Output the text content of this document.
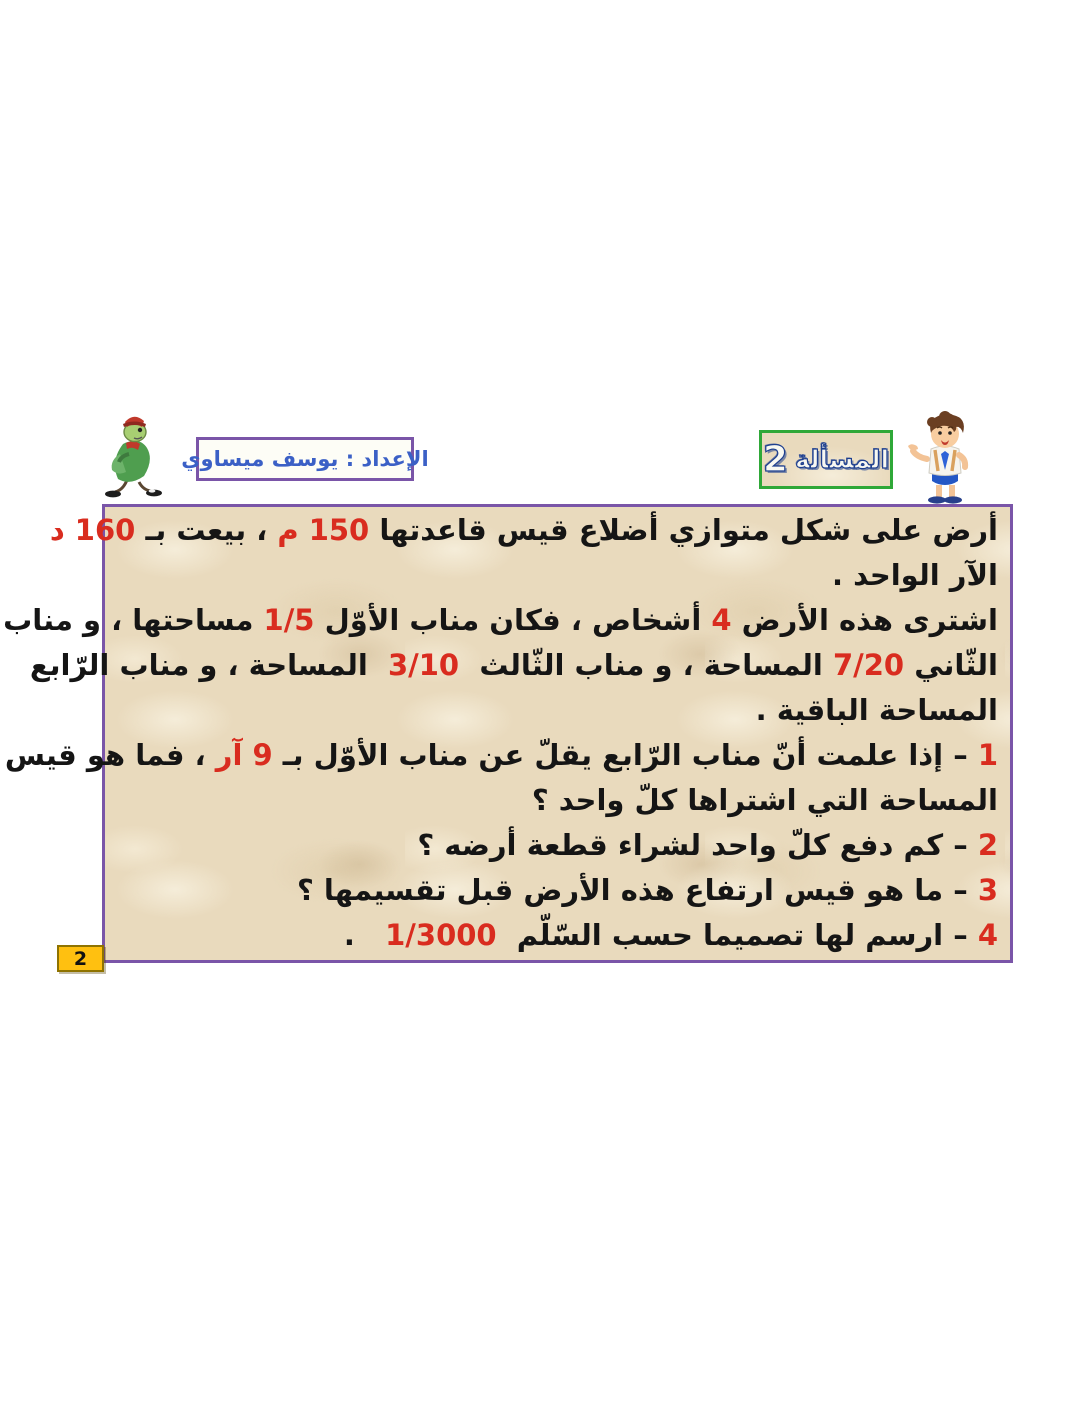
الإعداد : يوسف ميساوي	المسألة
2
أرض على شكل متوازي أضلاع قيس قاعدتها 150 م ، بيعت بـ 160 د
الآر الواحد .
اشترى هذه الأرض 4 أشخاص ، فكان مناب الأوّل 1/5 مساحتها ، و مناب
الثّاني 7/20 المساحة ، و مناب الثّالث  3/10  المساحة ، و مناب الرّابع
المساحة الباقية .
1 – إذا علمت أنّ مناب الرّابع يقلّ عن مناب الأوّل بـ 9 آر ، فما هو قيس
المساحة التي اشتراها كلّ واحد ؟
2 – كم دفع كلّ واحد لشراء قطعة أرضه ؟
3 – ما هو قيس ارتفاع هذه الأرض قبل تقسيمها ؟
4 – ارسم لها تصميما حسب السّلّم  1/3000   .
2
